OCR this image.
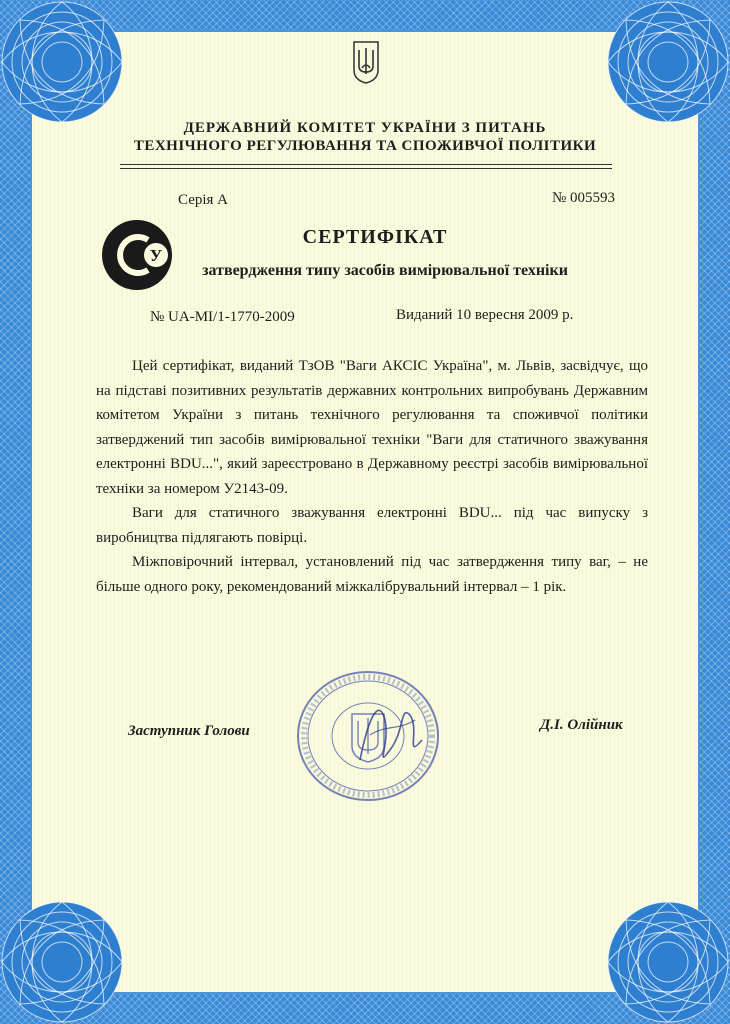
ДЕРЖАВНИЙ КОМІТЕТ УКРАЇНИ З ПИТАНЬ
ТЕХНІЧНОГО РЕГУЛЮВАННЯ ТА СПОЖИВЧОЇ ПОЛІТИКИ
Серія А	№ 005593
У
СЕРТИФІКАТ
затвердження типу засобів вимірювальної техніки
№ UA-MI/1-1770-2009	Виданий 10 вересня 2009 р.

Цей сертифікат, виданий ТзОВ "Ваги АКСІС Україна", м. Львів, засвідчує, що на підставі позитивних результатів державних контрольних випробувань Державним комітетом України з питань технічного регулювання та споживчої політики затверджений тип засобів вимірювальної техніки "Ваги для статичного зважування електронні BDU...", який зареєстровано в Державному реєстрі засобів вимірювальної техніки за номером У2143-09.

Ваги для статичного зважування електронні BDU... під час випуску з виробництва підлягають повірці.

Міжповірочний інтервал, установлений під час затвердження типу ваг, – не більше одного року, рекомендований міжкалібрувальний інтервал – 1 рік.

Заступник Голови	Д.І. Олійник
